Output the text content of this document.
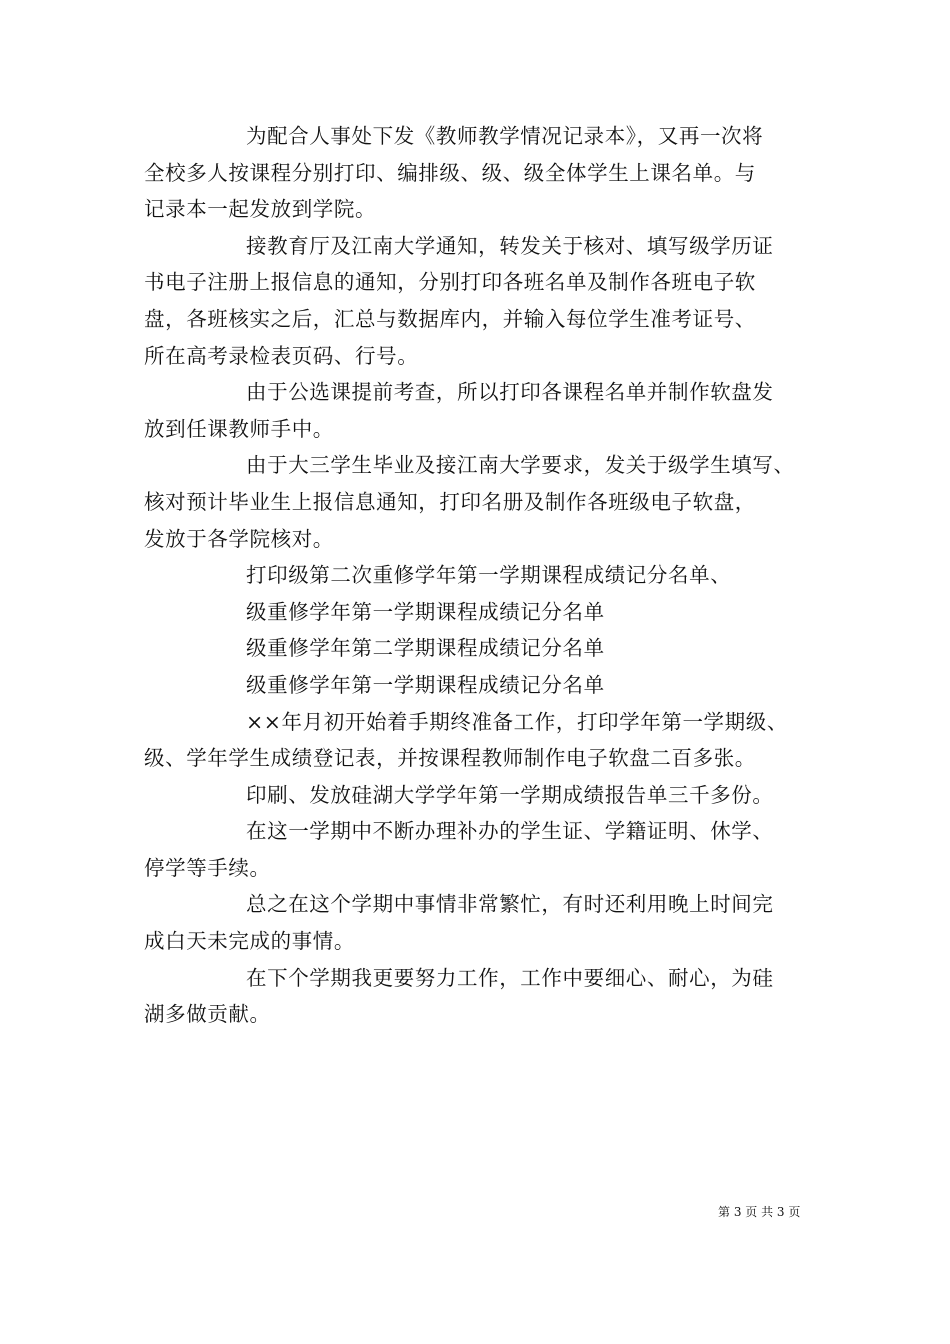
为配合人事处下发《教师教学情况记录本》，又再一次将
全校多人按课程分别打印、编排级、级、级全体学生上课名单。与
记录本一起发放到学院。
接教育厅及江南大学通知，转发关于核对、填写级学历证
书电子注册上报信息的通知，分别打印各班名单及制作各班电子软
盘，各班核实之后，汇总与数据库内，并输入每位学生准考证号、
所在高考录检表页码、行号。
由于公选课提前考查，所以打印各课程名单并制作软盘发
放到任课教师手中。
由于大三学生毕业及接江南大学要求，发关于级学生填写、
核对预计毕业生上报信息通知，打印名册及制作各班级电子软盘，
发放于各学院核对。
打印级第二次重修学年第一学期课程成绩记分名单、
级重修学年第一学期课程成绩记分名单
级重修学年第二学期课程成绩记分名单
级重修学年第一学期课程成绩记分名单
××年月初开始着手期终准备工作，打印学年第一学期级、
级、学年学生成绩登记表，并按课程教师制作电子软盘二百多张。
印刷、发放硅湖大学学年第一学期成绩报告单三千多份。
在这一学期中不断办理补办的学生证、学籍证明、休学、
停学等手续。
总之在这个学期中事情非常繁忙，有时还利用晚上时间完
成白天未完成的事情。
在下个学期我更要努力工作，工作中要细心、耐心，为硅
湖多做贡献。
第 3 页 共 3 页
